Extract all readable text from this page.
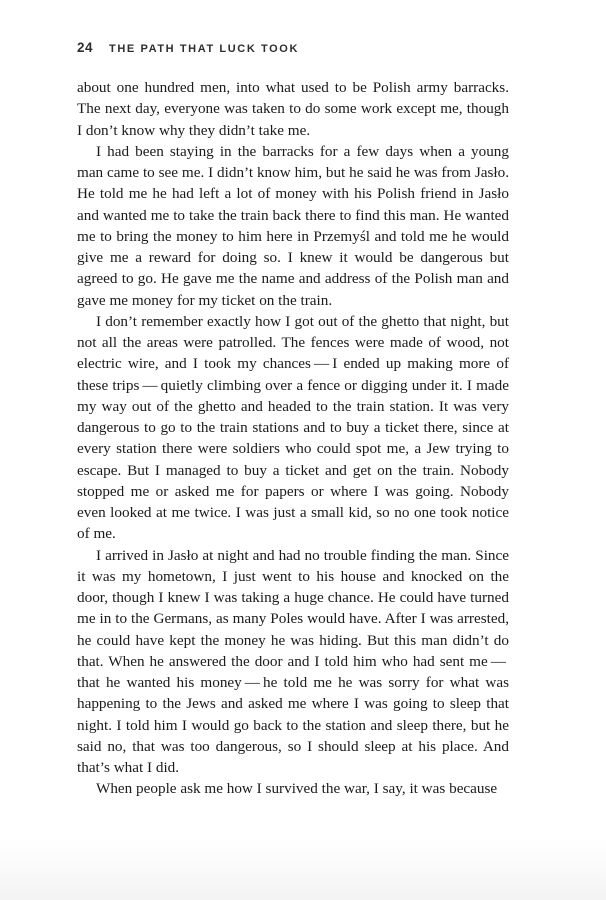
24 THE PATH THAT LUCK TOOK

about one hundred men, into what used to be Polish army barracks. The next day, everyone was taken to do some work except me, though I don’t know why they didn’t take me.

I had been staying in the barracks for a few days when a young man came to see me. I didn’t know him, but he said he was from Jasło. He told me he had left a lot of money with his Polish friend in Jasło and wanted me to take the train back there to find this man. He wanted me to bring the money to him here in Przemyśl and told me he would give me a reward for doing so. I knew it would be dangerous but agreed to go. He gave me the name and address of the Polish man and gave me money for my ticket on the train.

I don’t remember exactly how I got out of the ghetto that night, but not all the areas were patrolled. The fences were made of wood, not electric wire, and I took my chances — I ended up making more of these trips — quietly climbing over a fence or digging under it. I made my way out of the ghetto and headed to the train station. It was very dangerous to go to the train stations and to buy a ticket there, since at every station there were soldiers who could spot me, a Jew trying to escape. But I managed to buy a ticket and get on the train. Nobody stopped me or asked me for papers or where I was going. Nobody even looked at me twice. I was just a small kid, so no one took notice of me.

I arrived in Jasło at night and had no trouble finding the man. Since it was my hometown, I just went to his house and knocked on the door, though I knew I was taking a huge chance. He could have turned me in to the Germans, as many Poles would have. After I was arrested, he could have kept the money he was hiding. But this man didn’t do that. When he answered the door and I told him who had sent me — that he wanted his money — he told me he was sorry for what was happening to the Jews and asked me where I was going to sleep that night. I told him I would go back to the station and sleep there, but he said no, that was too dangerous, so I should sleep at his place. And that’s what I did.

When people ask me how I survived the war, I say, it was because
